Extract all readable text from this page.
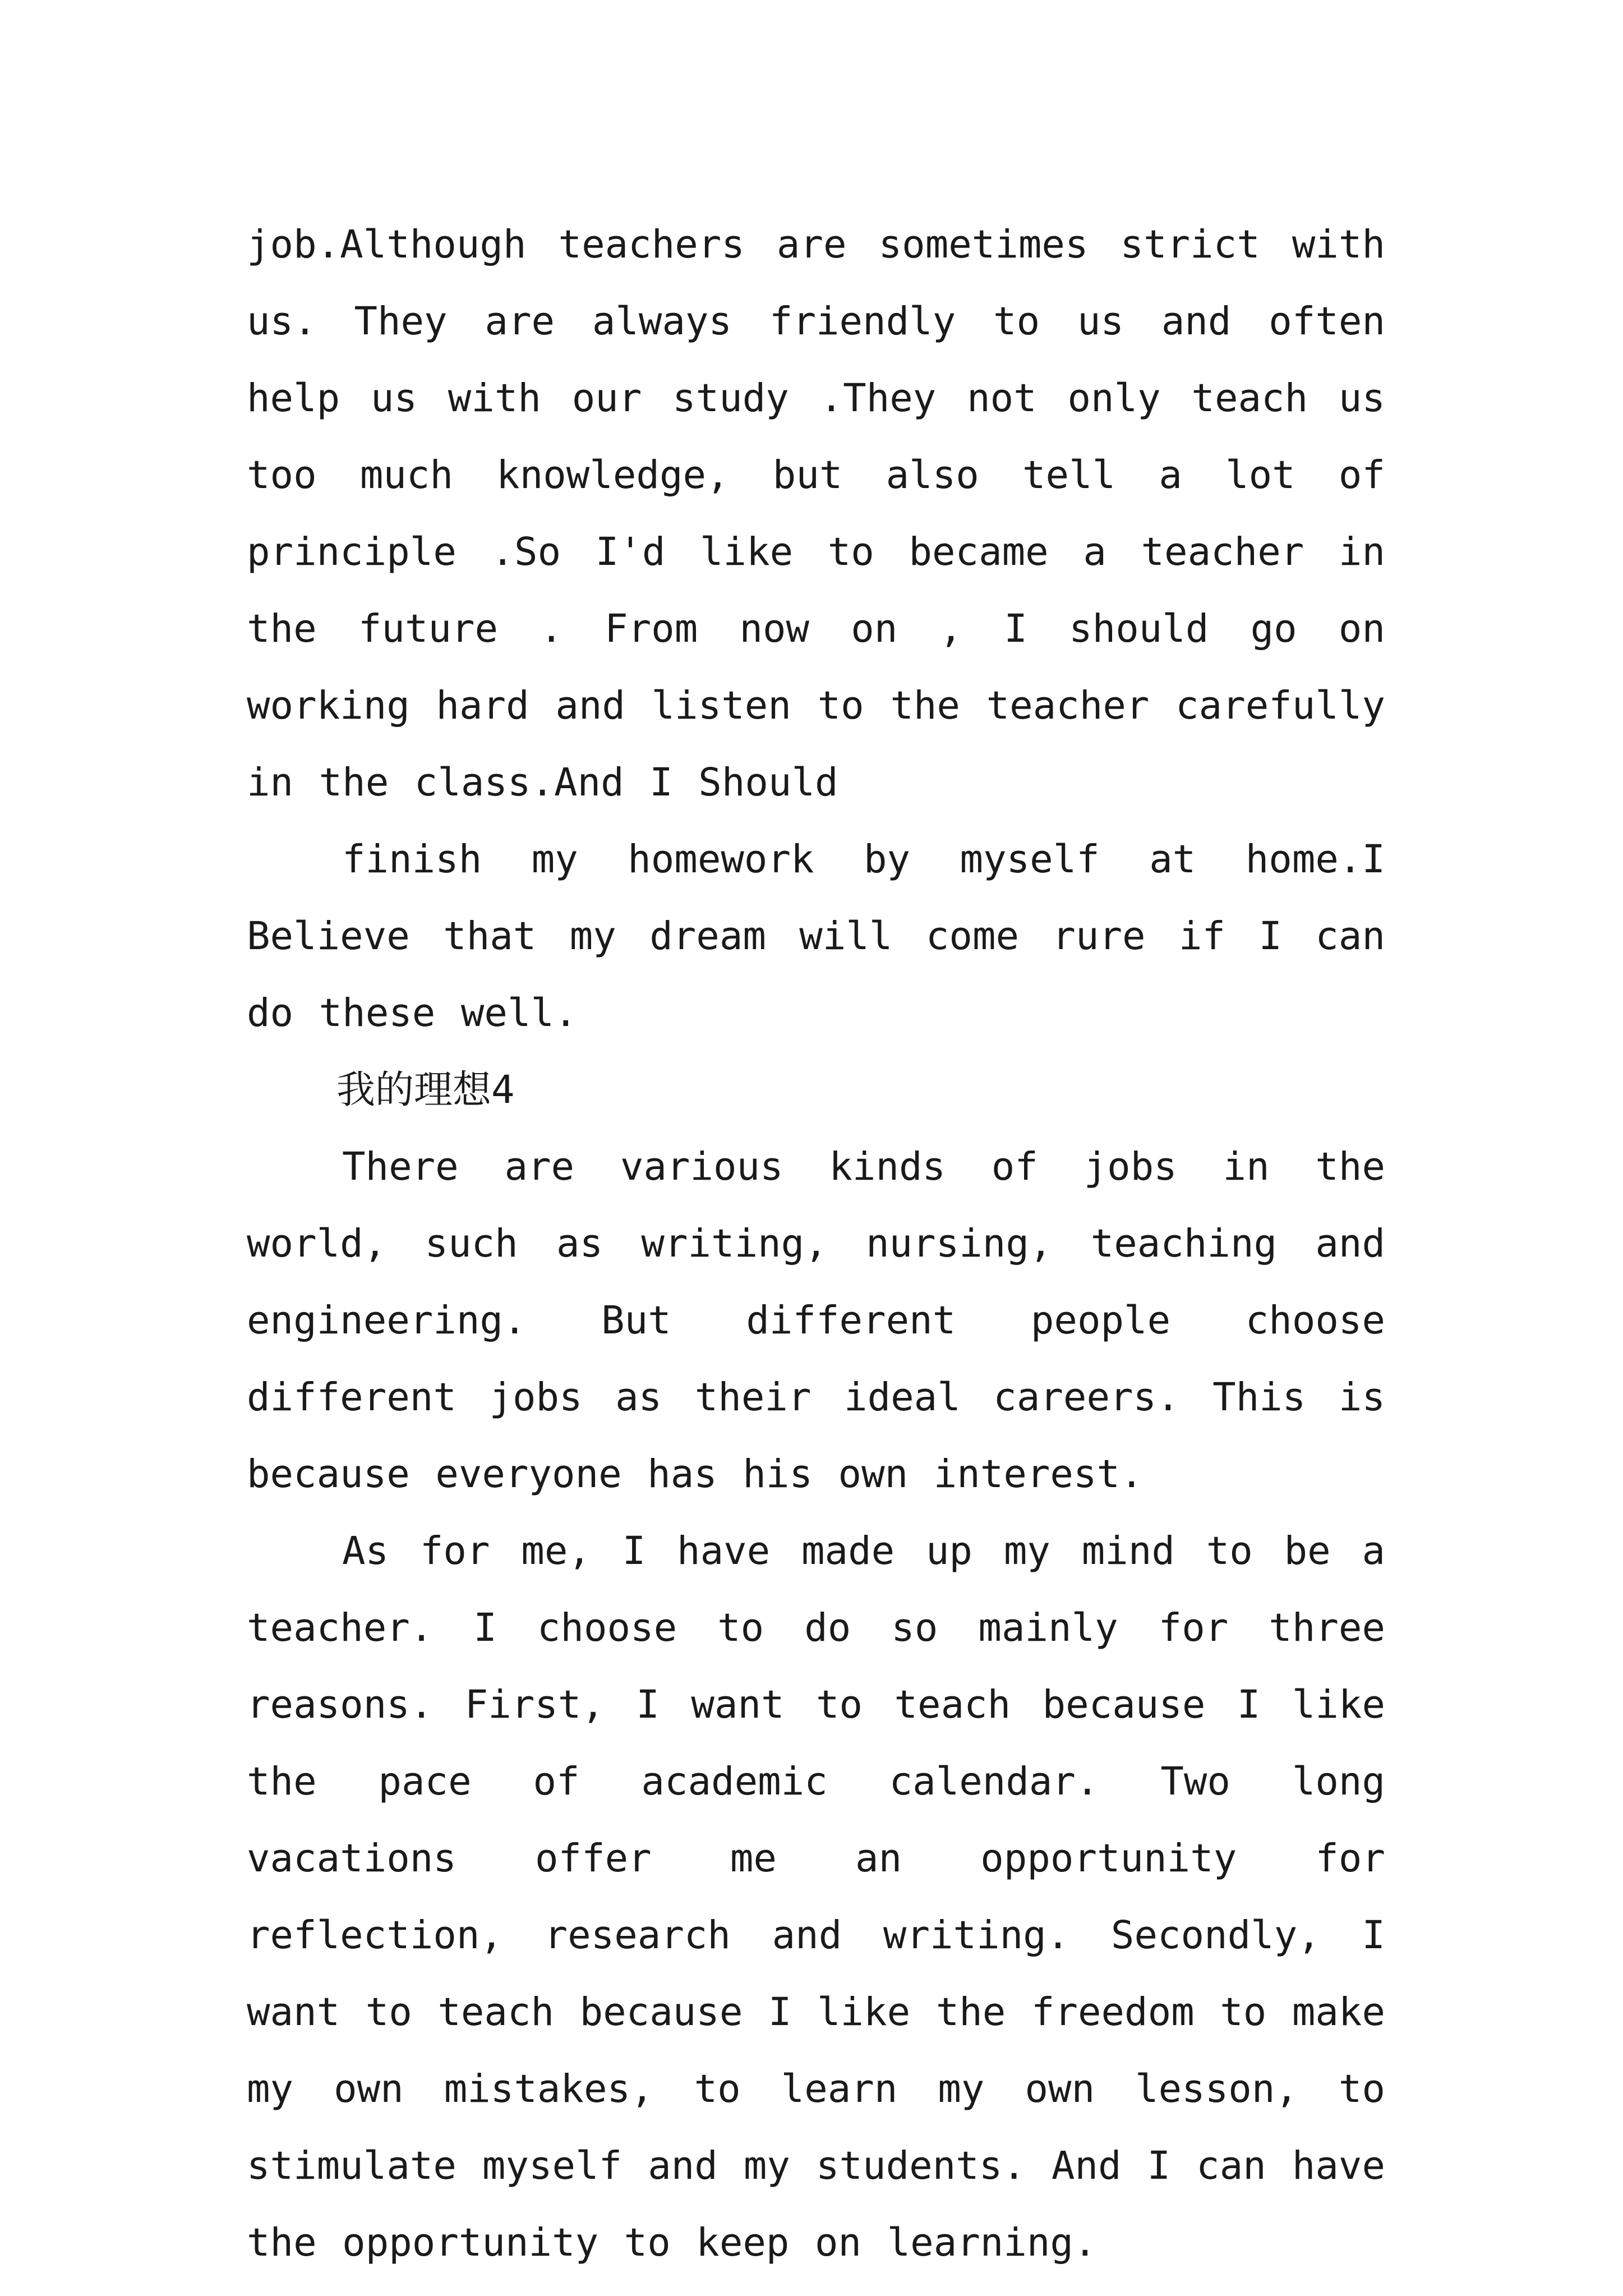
job.Although teachers are sometimes strict with us. They are always friendly to us and often help us with our study .They not only teach us too much knowledge, but also tell a lot of principle .So I'd like to became a teacher in the future . From now on , I should go on working hard and listen to the teacher carefully in the class.And I Should

finish my homework by myself at home.I Believe that my dream will come rure if I can do these well.

我的理想4

There are various kinds of jobs in the world, such as writing, nursing, teaching and engineering. But different people choose different jobs as their ideal careers. This is because everyone has his own interest.

As for me, I have made up my mind to be a teacher. I choose to do so mainly for three reasons. First, I want to teach because I like the pace of academic calendar. Two long vacations offer me an opportunity for reflection, research and writing. Secondly, I want to teach because I like the freedom to make my own mistakes, to learn my own lesson, to stimulate myself and my students. And I can have the opportunity to keep on learning.
